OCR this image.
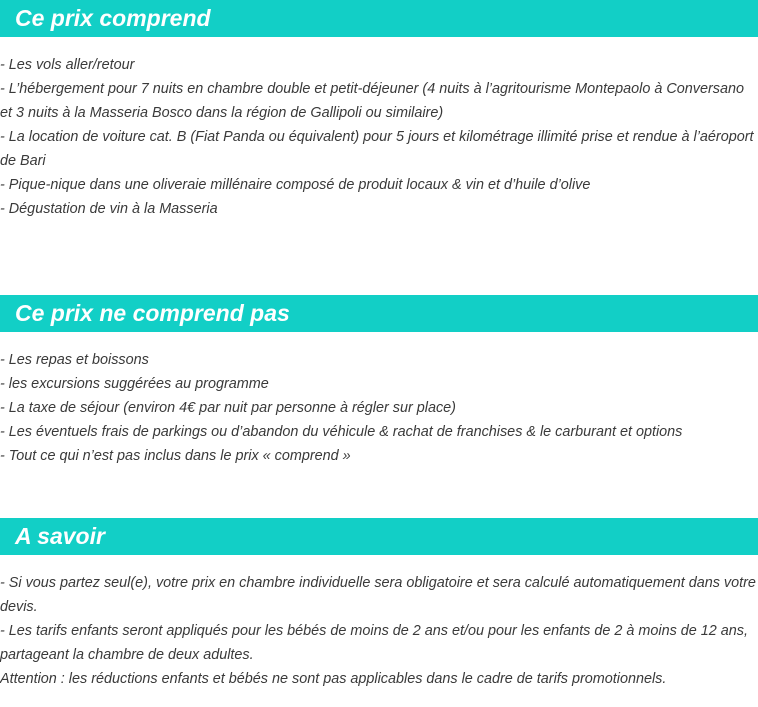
Ce prix comprend
- Les vols aller/retour
- L’hébergement pour 7 nuits en chambre double et petit-déjeuner (4 nuits à l’agritourisme Montepaolo à Conversano et 3 nuits à la Masseria Bosco dans la région de Gallipoli ou similaire)
- La location de voiture cat. B (Fiat Panda ou équivalent) pour 5 jours et kilométrage illimité prise et rendue à l’aéroport de Bari
- Pique-nique dans une oliveraie millénaire composé de produit locaux & vin et d’huile d’olive
- Dégustation de vin à la Masseria
Ce prix ne comprend pas
- Les repas et boissons
- les excursions suggérées au programme
- La taxe de séjour (environ 4€ par nuit par personne à régler sur place)
- Les éventuels frais de parkings ou d’abandon du véhicule & rachat de franchises & le carburant et options
- Tout ce qui n’est pas inclus dans le prix « comprend »
A savoir
- Si vous partez seul(e), votre prix en chambre individuelle sera obligatoire et sera calculé automatiquement dans votre devis.
- Les tarifs enfants seront appliqués pour les bébés de moins de 2 ans et/ou pour les enfants de 2 à moins de 12 ans, partageant la chambre de deux adultes.
Attention : les réductions enfants et bébés ne sont pas applicables dans le cadre de tarifs promotionnels.
